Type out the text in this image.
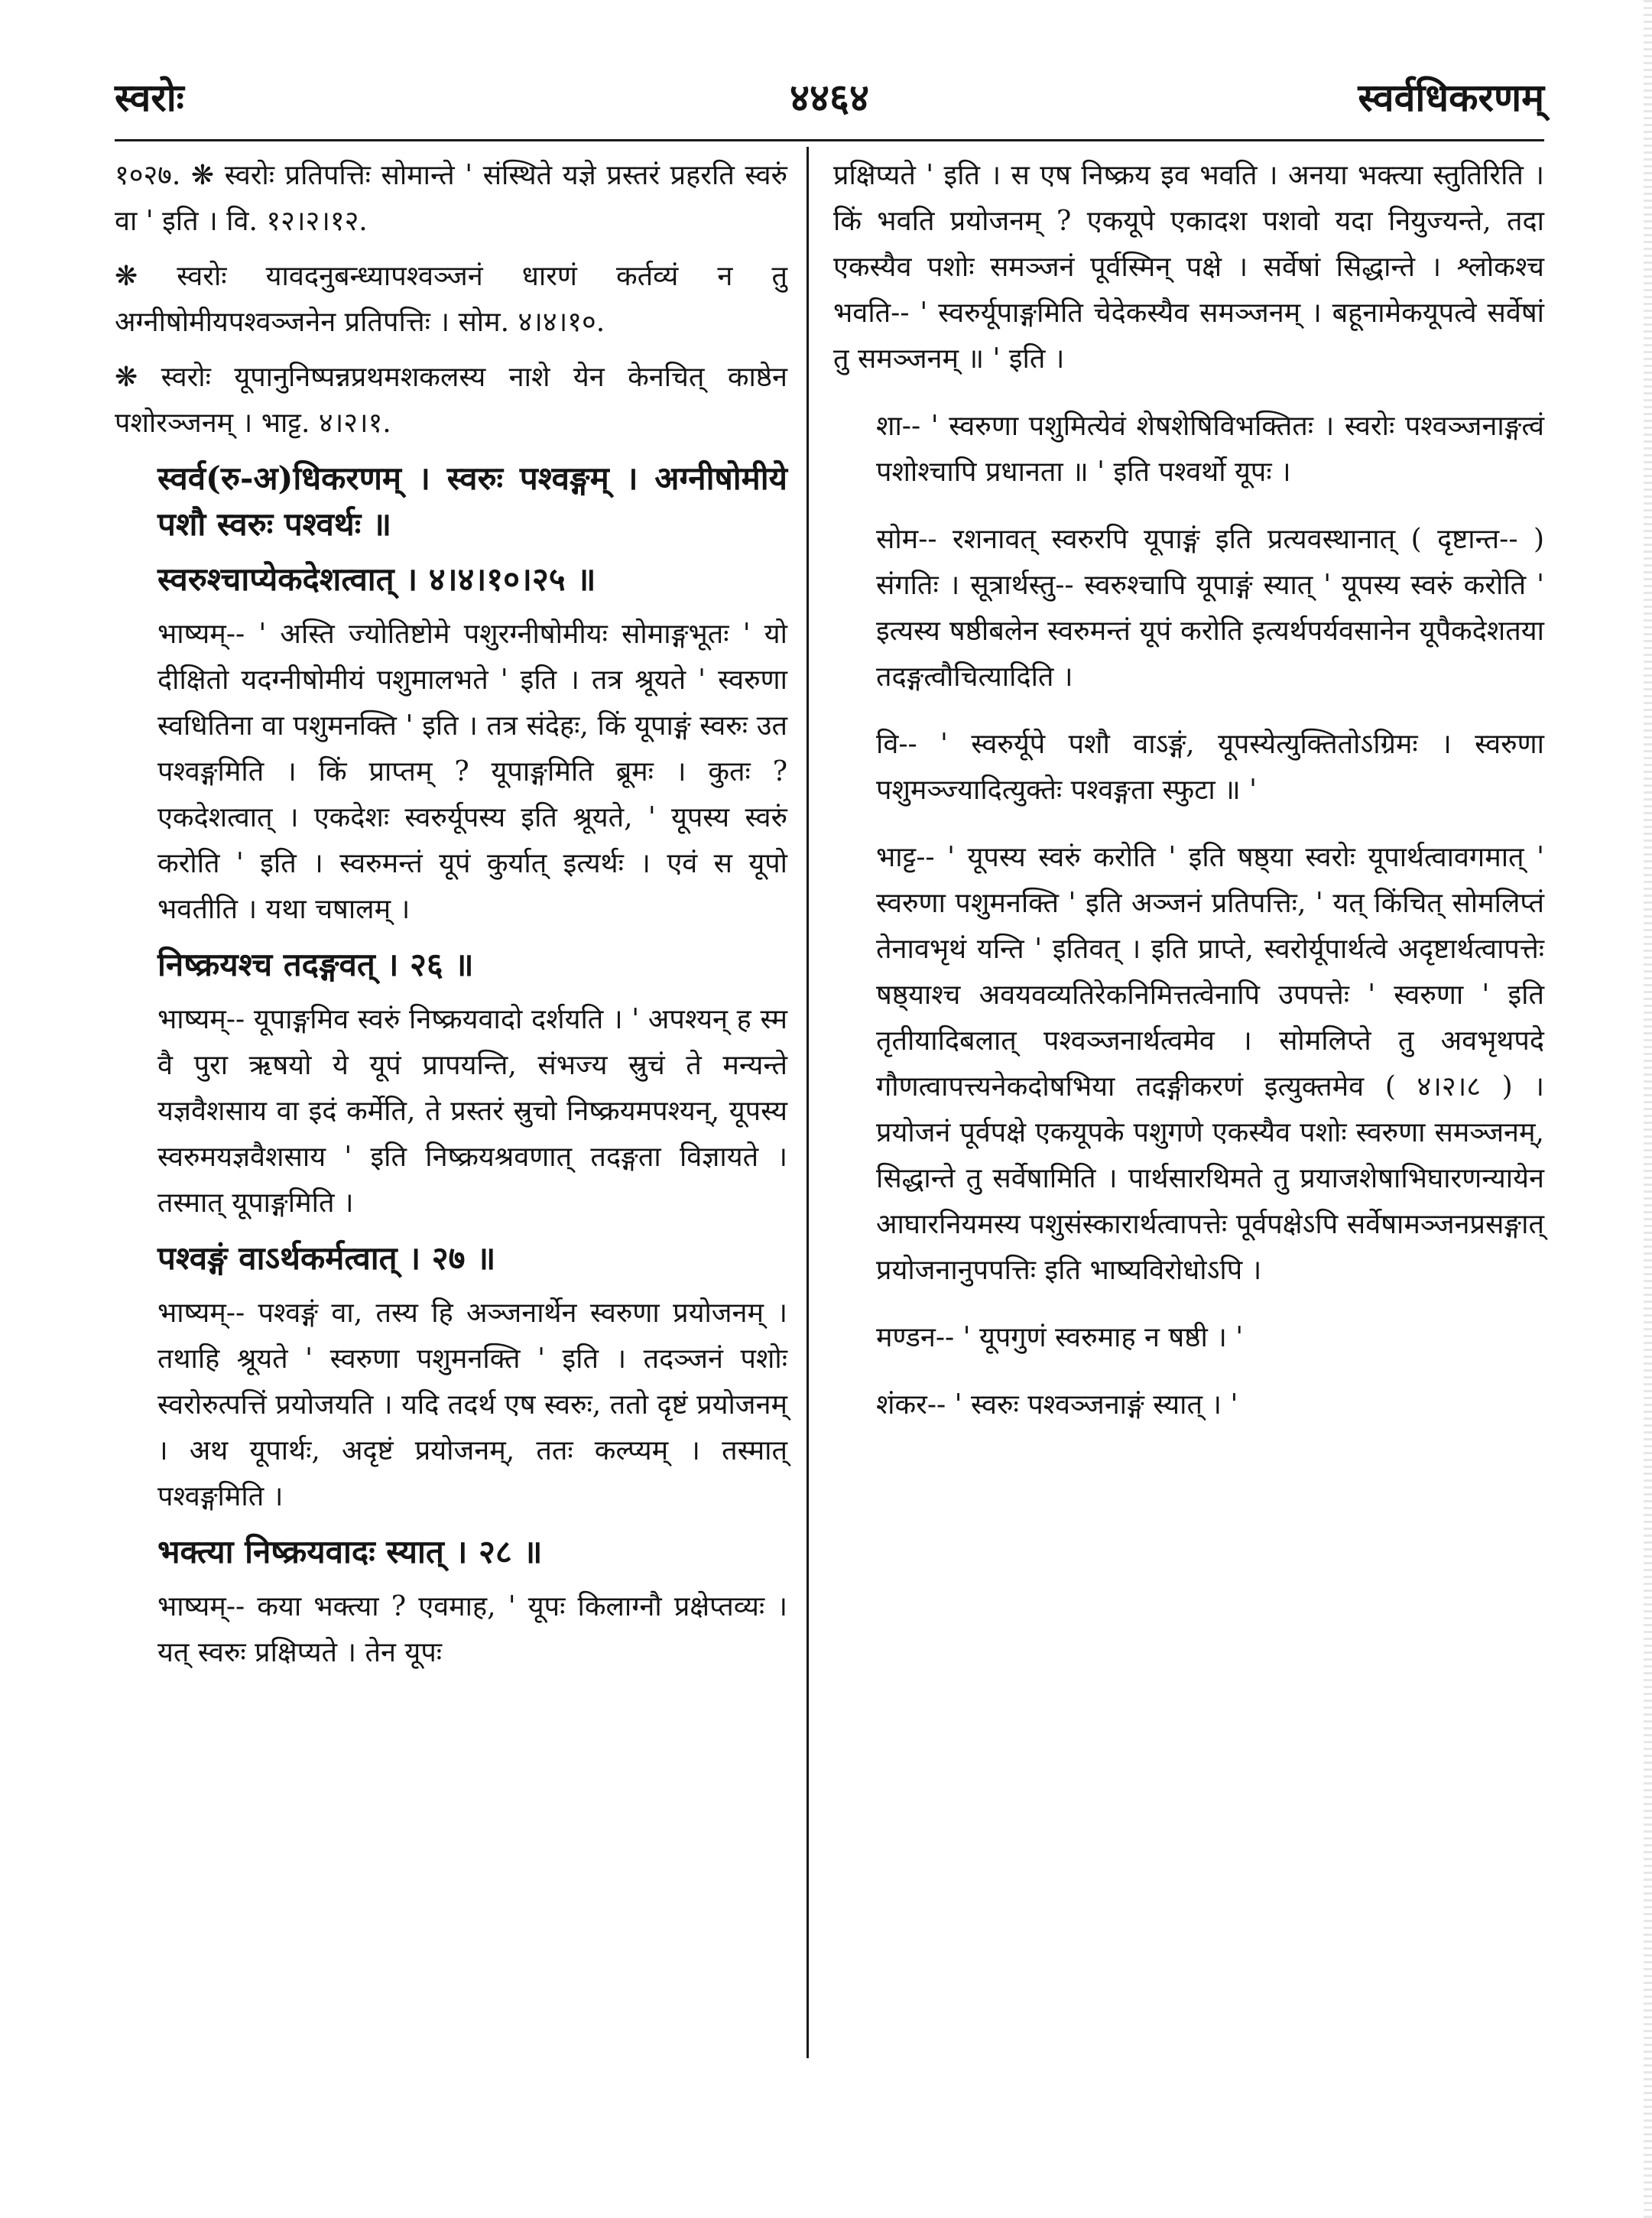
स्वरोः	४४६४	स्वर्वधिकरणम्

१०२७. ❋ स्वरोः प्रतिपत्तिः सोमान्ते ' संस्थिते यज्ञे प्रस्तरं प्रहरति स्वरुं वा ' इति । वि. १२।२।१२.

❋ स्वरोः यावदनुबन्ध्यापश्वञ्जनं धारणं कर्तव्यं न तु अग्नीषोमीयपश्वञ्जनेन प्रतिपत्तिः । सोम. ४।४।१०.

❋ स्वरोः यूपानुनिष्पन्नप्रथमशकलस्य नाशे येन केनचित् काष्ठेन पशोरञ्जनम् । भाट्ट. ४।२।१.

स्वर्व(रु-अ)धिकरणम् । स्वरुः पश्वङ्गम् । अग्नीषोमीये पशौ स्वरुः पश्वर्थः ॥

स्वरुश्चाप्येकदेशत्वात् । ४।४।१०।२५ ॥

भाष्यम्-- ' अस्ति ज्योतिष्टोमे पशुरग्नीषोमीयः सोमाङ्गभूतः ' यो दीक्षितो यदग्नीषोमीयं पशुमालभते ' इति । तत्र श्रूयते ' स्वरुणा स्वधितिना वा पशुमनक्ति ' इति । तत्र संदेहः, किं यूपाङ्गं स्वरुः उत पश्वङ्गमिति । किं प्राप्तम् ? यूपाङ्गमिति ब्रूमः । कुतः ? एकदेशत्वात् । एकदेशः स्वरुर्यूपस्य इति श्रूयते, ' यूपस्य स्वरुं करोति ' इति । स्वरुमन्तं यूपं कुर्यात् इत्यर्थः । एवं स यूपो भवतीति । यथा चषालम् ।

निष्क्रयश्च तदङ्गवत् । २६ ॥

भाष्यम्-- यूपाङ्गमिव स्वरुं निष्क्रयवादो दर्शयति । ' अपश्यन् ह स्म वै पुरा ऋषयो ये यूपं प्रापयन्ति, संभज्य स्रुचं ते मन्यन्ते यज्ञवैशसाय वा इदं कर्मेति, ते प्रस्तरं स्रुचो निष्क्रयमपश्यन्, यूपस्य स्वरुमयज्ञवैशसाय ' इति निष्क्रयश्रवणात् तदङ्गता विज्ञायते । तस्मात् यूपाङ्गमिति ।

पश्वङ्गं वाऽर्थकर्मत्वात् । २७ ॥

भाष्यम्-- पश्वङ्गं वा, तस्य हि अञ्जनार्थेन स्वरुणा प्रयोजनम् । तथाहि श्रूयते ' स्वरुणा पशुमनक्ति ' इति । तदञ्जनं पशोः स्वरोरुत्पत्तिं प्रयोजयति । यदि तदर्थ एष स्वरुः, ततो दृष्टं प्रयोजनम् । अथ यूपार्थः, अदृष्टं प्रयोजनम्, ततः कल्प्यम् । तस्मात् पश्वङ्गमिति ।

भक्त्या निष्क्रयवादः स्यात् । २८ ॥

भाष्यम्-- कया भक्त्या ? एवमाह, ' यूपः किलाग्नौ प्रक्षेप्तव्यः । यत् स्वरुः प्रक्षिप्यते । तेन यूपः

प्रक्षिप्यते ' इति । स एष निष्क्रय इव भवति । अनया भक्त्या स्तुतिरिति । किं भवति प्रयोजनम् ? एकयूपे एकादश पशवो यदा नियुज्यन्ते, तदा एकस्यैव पशोः समञ्जनं पूर्वस्मिन् पक्षे । सर्वेषां सिद्धान्ते । श्लोकश्च भवति-- ' स्वरुर्यूपाङ्गमिति चेदेकस्यैव समञ्जनम् । बहूनामेकयूपत्वे सर्वेषां तु समञ्जनम् ॥ ' इति ।

शा-- ' स्वरुणा पशुमित्येवं शेषशेषिविभक्तितः । स्वरोः पश्वञ्जनाङ्गत्वं पशोश्चापि प्रधानता ॥ ' इति पश्वर्थो यूपः ।

सोम-- रशनावत् स्वरुरपि यूपाङ्गं इति प्रत्यवस्थानात् ( दृष्टान्त-- ) संगतिः । सूत्रार्थस्तु-- स्वरुश्चापि यूपाङ्गं स्यात् ' यूपस्य स्वरुं करोति ' इत्यस्य षष्ठीबलेन स्वरुमन्तं यूपं करोति इत्यर्थपर्यवसानेन यूपैकदेशतया तदङ्गत्वौचित्यादिति ।

वि-- ' स्वरुर्यूपे पशौ वाऽङ्गं, यूपस्येत्युक्तितोऽग्रिमः । स्वरुणा पशुमञ्ज्यादित्युक्तेः पश्वङ्गता स्फुटा ॥ '

भाट्ट-- ' यूपस्य स्वरुं करोति ' इति षष्ठ्या स्वरोः यूपार्थत्वावगमात् ' स्वरुणा पशुमनक्ति ' इति अञ्जनं प्रतिपत्तिः, ' यत् किंचित् सोमलिप्तं तेनावभृथं यन्ति ' इतिवत् । इति प्राप्ते, स्वरोर्यूपार्थत्वे अदृष्टार्थत्वापत्तेः षष्ठ्याश्च अवयवव्यतिरेकनिमित्तत्वेनापि उपपत्तेः ' स्वरुणा ' इति तृतीयादिबलात् पश्वञ्जनार्थत्वमेव । सोमलिप्ते तु अवभृथपदे गौणत्वापत्त्यनेकदोषभिया तदङ्गीकरणं इत्युक्तमेव ( ४।२।८ ) । प्रयोजनं पूर्वपक्षे एकयूपके पशुगणे एकस्यैव पशोः स्वरुणा समञ्जनम्, सिद्धान्ते तु सर्वेषामिति । पार्थसारथिमते तु प्रयाजशेषाभिघारणन्यायेन आघारनियमस्य पशुसंस्कारार्थत्वापत्तेः पूर्वपक्षेऽपि सर्वेषामञ्जनप्रसङ्गात् प्रयोजनानुपपत्तिः इति भाष्यविरोधोऽपि ।

मण्डन-- ' यूपगुणं स्वरुमाह न षष्ठी । '

शंकर-- ' स्वरुः पश्वञ्जनाङ्गं स्यात् । '
